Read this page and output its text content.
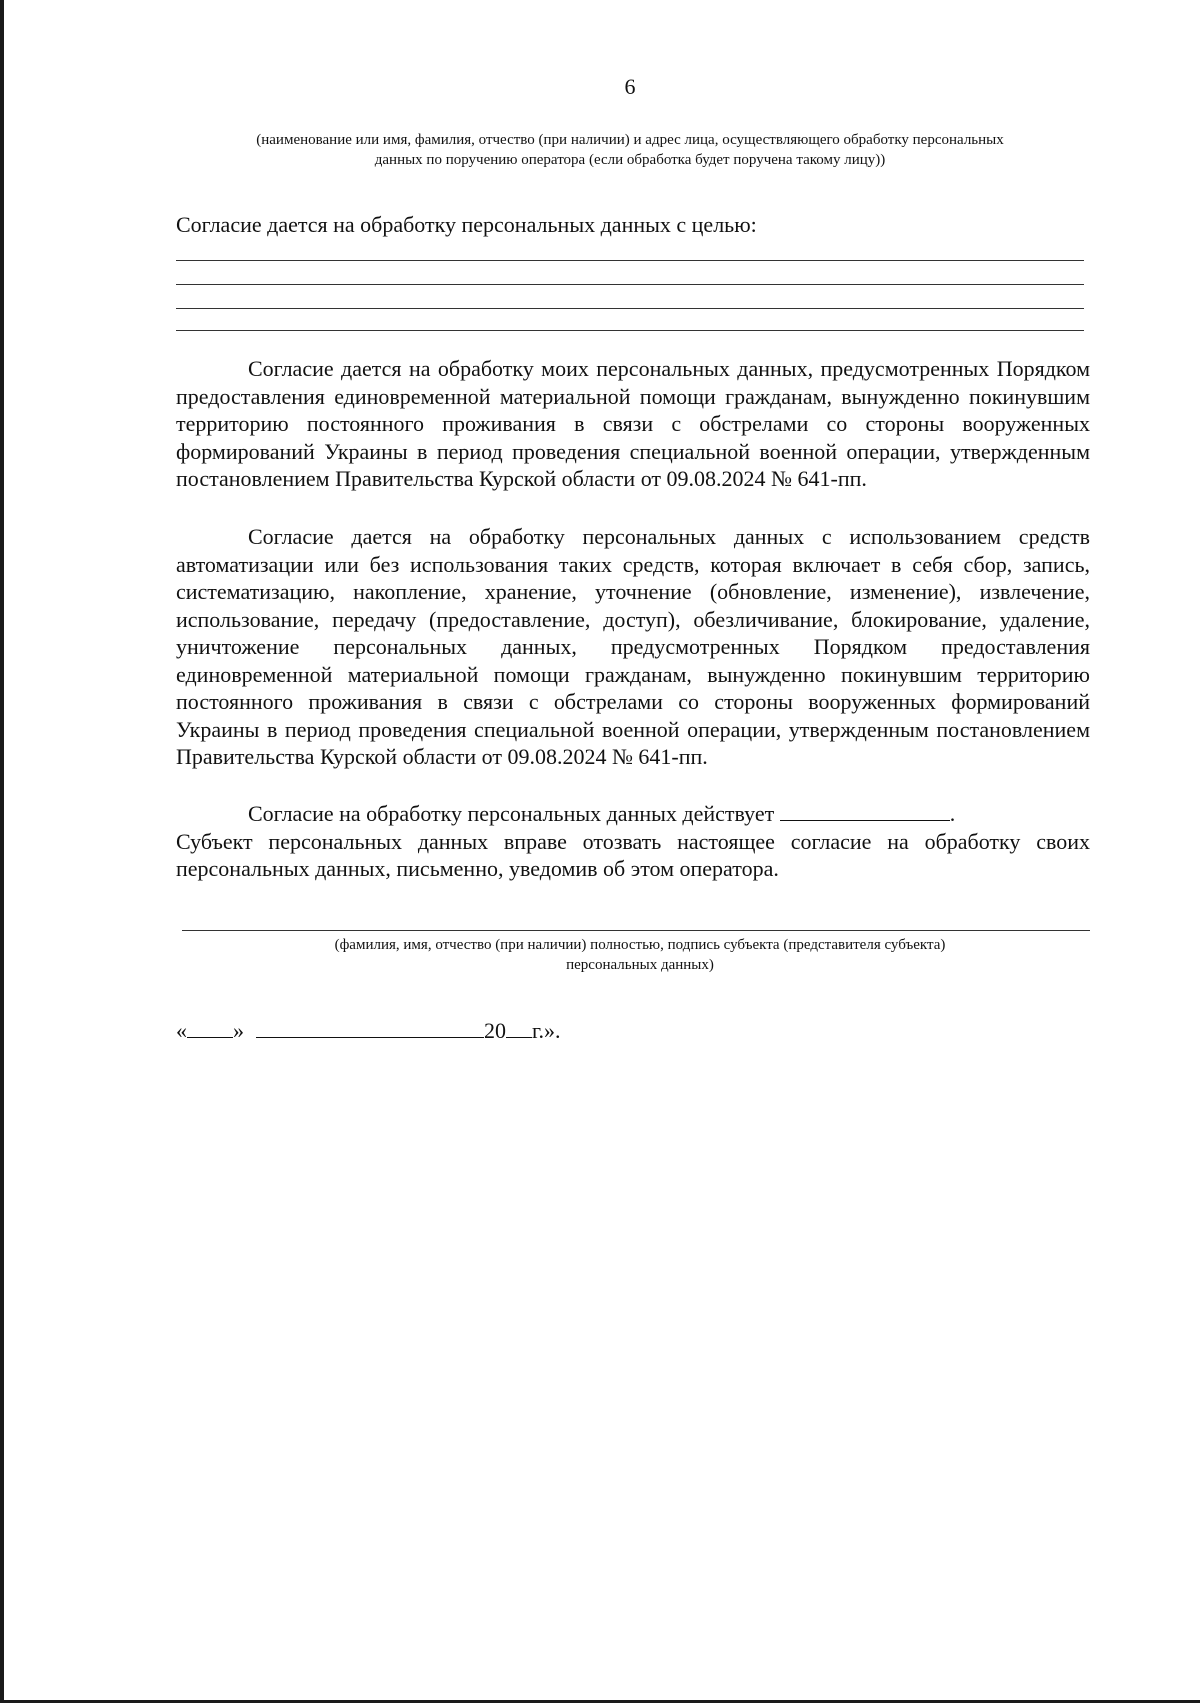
6
(наименование или имя, фамилия, отчество (при наличии) и адрес лица, осуществляющего обработку персональных
данных по поручению оператора (если обработка будет поручена такому лицу))
Согласие дается на обработку персональных данных с целью:

Согласие дается на обработку моих персональных данных, предусмотренных Порядком предоставления единовременной материальной помощи гражданам, вынужденно покинувшим территорию постоянного проживания в связи с обстрелами со стороны вооруженных формирований Украины в период проведения специальной военной операции, утвержденным постановлением Правительства Курской области от 09.08.2024 № 641-пп.

Согласие дается на обработку персональных данных с использованием средств автоматизации или без использования таких средств, которая включает в себя сбор, запись, систематизацию, накопление, хранение, уточнение (обновление, изменение), извлечение, использование, передачу (предоставление, доступ), обезличивание, блокирование, удаление, уничтожение персональных данных, предусмотренных Порядком предоставления единовременной материальной помощи гражданам, вынужденно покинувшим территорию постоянного проживания в связи с обстрелами со стороны вооруженных формирований Украины в период проведения специальной военной операции, утвержденным постановлением Правительства Курской области от 09.08.2024 № 641-пп.

Согласие на обработку персональных данных действует	.

Субъект персональных данных вправе отозвать настоящее согласие на обработку своих персональных данных, письменно, уведомив об этом оператора.

(фамилия, имя, отчество (при наличии) полностью, подпись субъекта (представителя субъекта)
персональных данных)
« »	20 г.».
